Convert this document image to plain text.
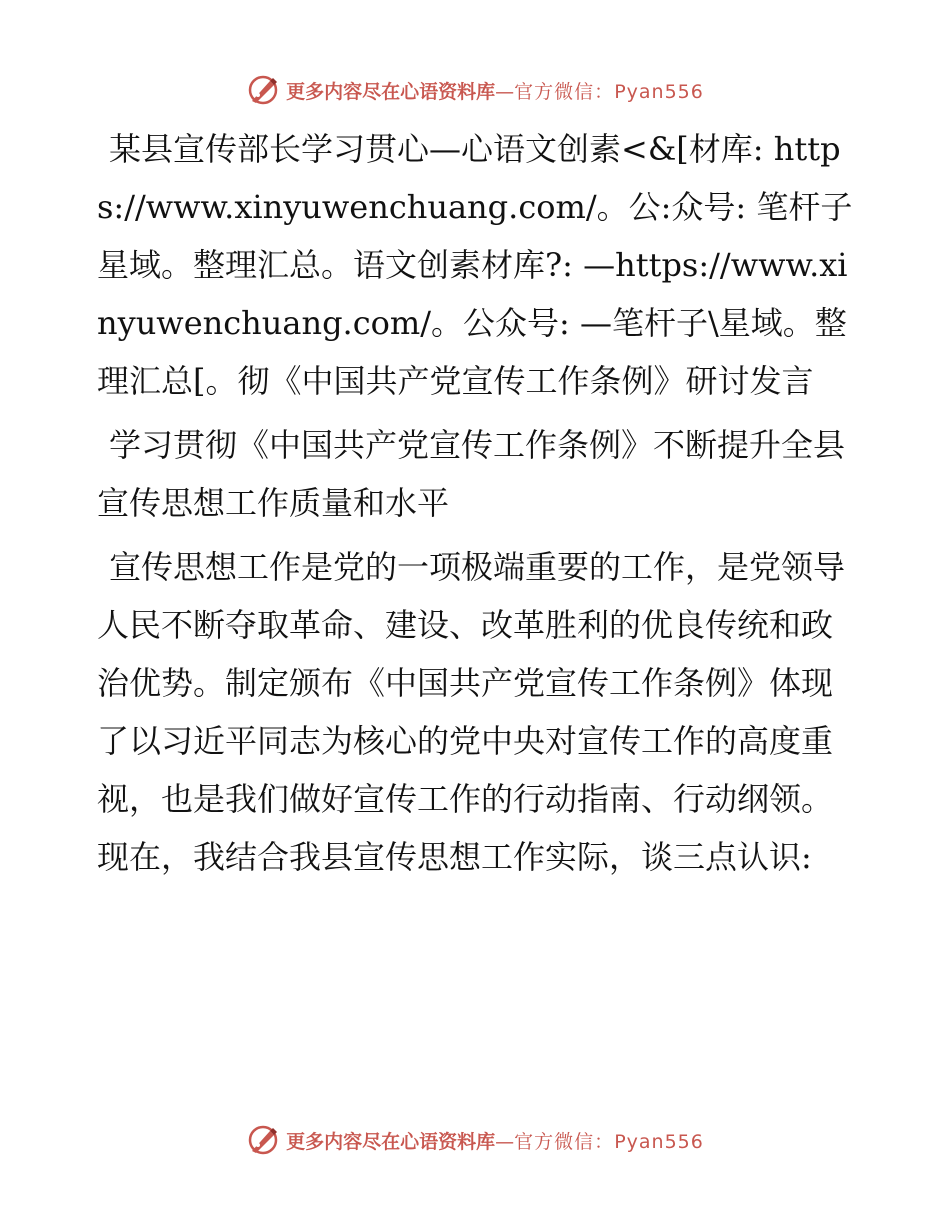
更多内容尽在心语资料库—官方微信：Pyan556

某县宣传部长学习贯心—心语文创素<&[材库: https://www.xinyuwenchuang.com/。公:众号: 笔杆子星域。整理汇总。语文创素材库?: —https://www.xinyuwenchuang.com/。公众号: —笔杆子\星域。整理汇总[。彻《中国共产党宣传工作条例》研讨发言

学习贯彻《中国共产党宣传工作条例》不断提升全县宣传思想工作质量和水平

宣传思想工作是党的一项极端重要的工作，是党领导人民不断夺取革命、建设、改革胜利的优良传统和政治优势。制定颁布《中国共产党宣传工作条例》体现了以习近平同志为核心的党中央对宣传工作的高度重视，也是我们做好宣传工作的行动指南、行动纲领。现在，我结合我县宣传思想工作实际，谈三点认识:

更多内容尽在心语资料库—官方微信：Pyan556
